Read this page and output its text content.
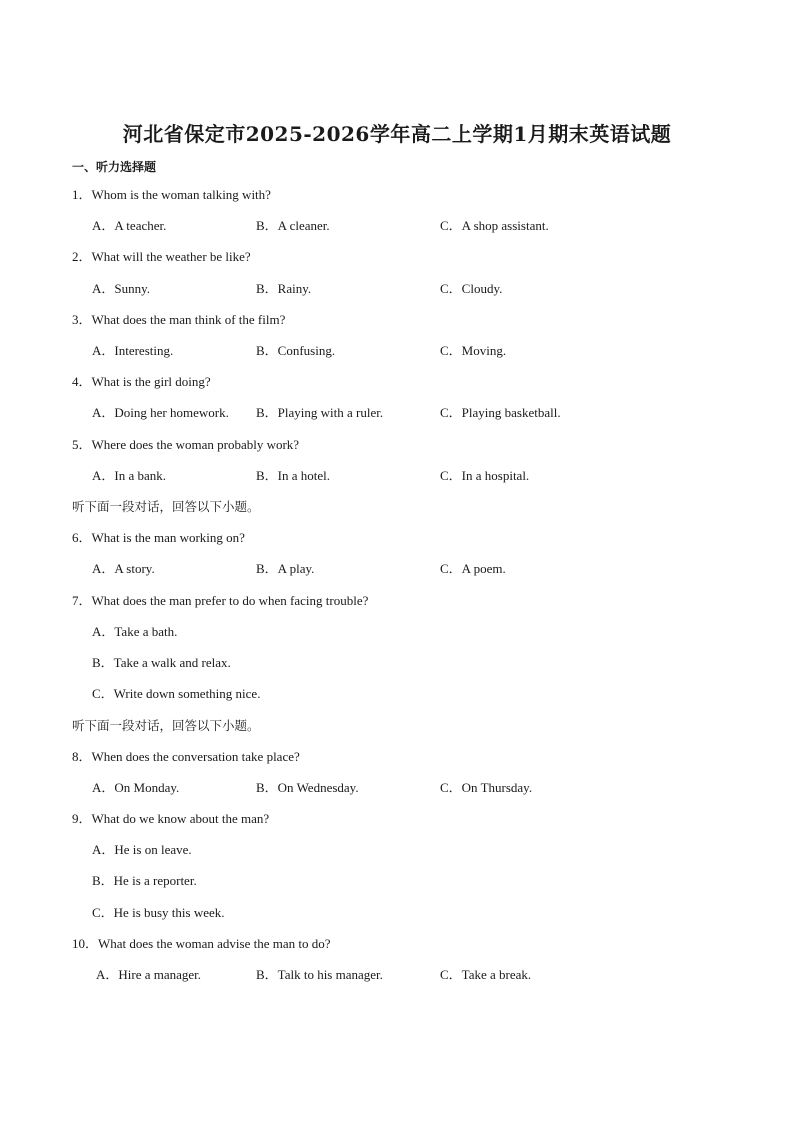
河北省保定市2025-2026学年高二上学期1月期末英语试题
一、听力选择题
1．Whom is the woman talking with?
A．A teacher.	B．A cleaner.	C．A shop assistant.
2．What will the weather be like?
A．Sunny.	B．Rainy.	C．Cloudy.
3．What does the man think of the film?
A．Interesting.	B．Confusing.	C．Moving.
4．What is the girl doing?
A．Doing her homework. B．Playing with a ruler.	C．Playing basketball.
5．Where does the woman probably work?
A．In a bank.	B．In a hotel.	C．In a hospital.
听下面一段对话，回答以下小题。
6．What is the man working on?
A．A story.	B．A play.	C．A poem.
7．What does the man prefer to do when facing trouble?
A．Take a bath.
B．Take a walk and relax.
C．Write down something nice.
听下面一段对话，回答以下小题。
8．When does the conversation take place?
A．On Monday.	B．On Wednesday.	C．On Thursday.
9．What do we know about the man?
A．He is on leave.
B．He is a reporter.
C．He is busy this week.
10．What does the woman advise the man to do?
A．Hire a manager.	B．Talk to his manager.	C．Take a break.
